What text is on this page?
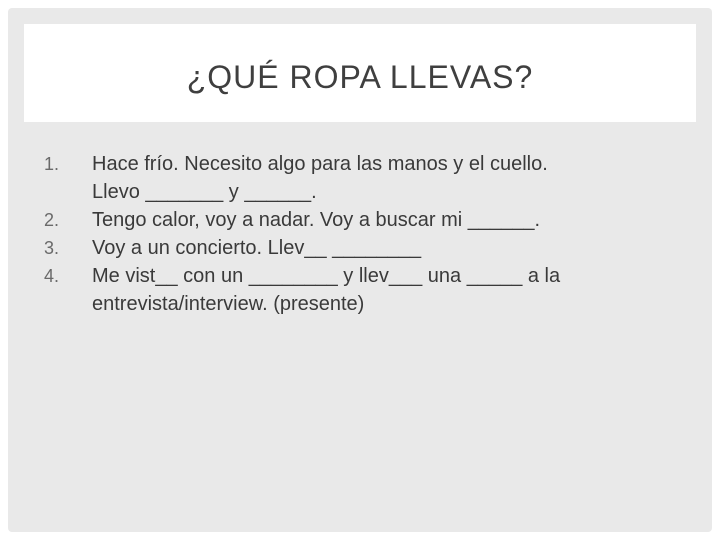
¿QUÉ ROPA LLEVAS?
1. Hace frío. Necesito algo para las manos y el cuello.
Llevo _______ y ______.
2. Tengo calor, voy a nadar. Voy a buscar mi ______.
3. Voy a un concierto. Llev__ ________
4. Me vist__ con un ________ y llev___ una _____ a la
entrevista/interview. (presente)
